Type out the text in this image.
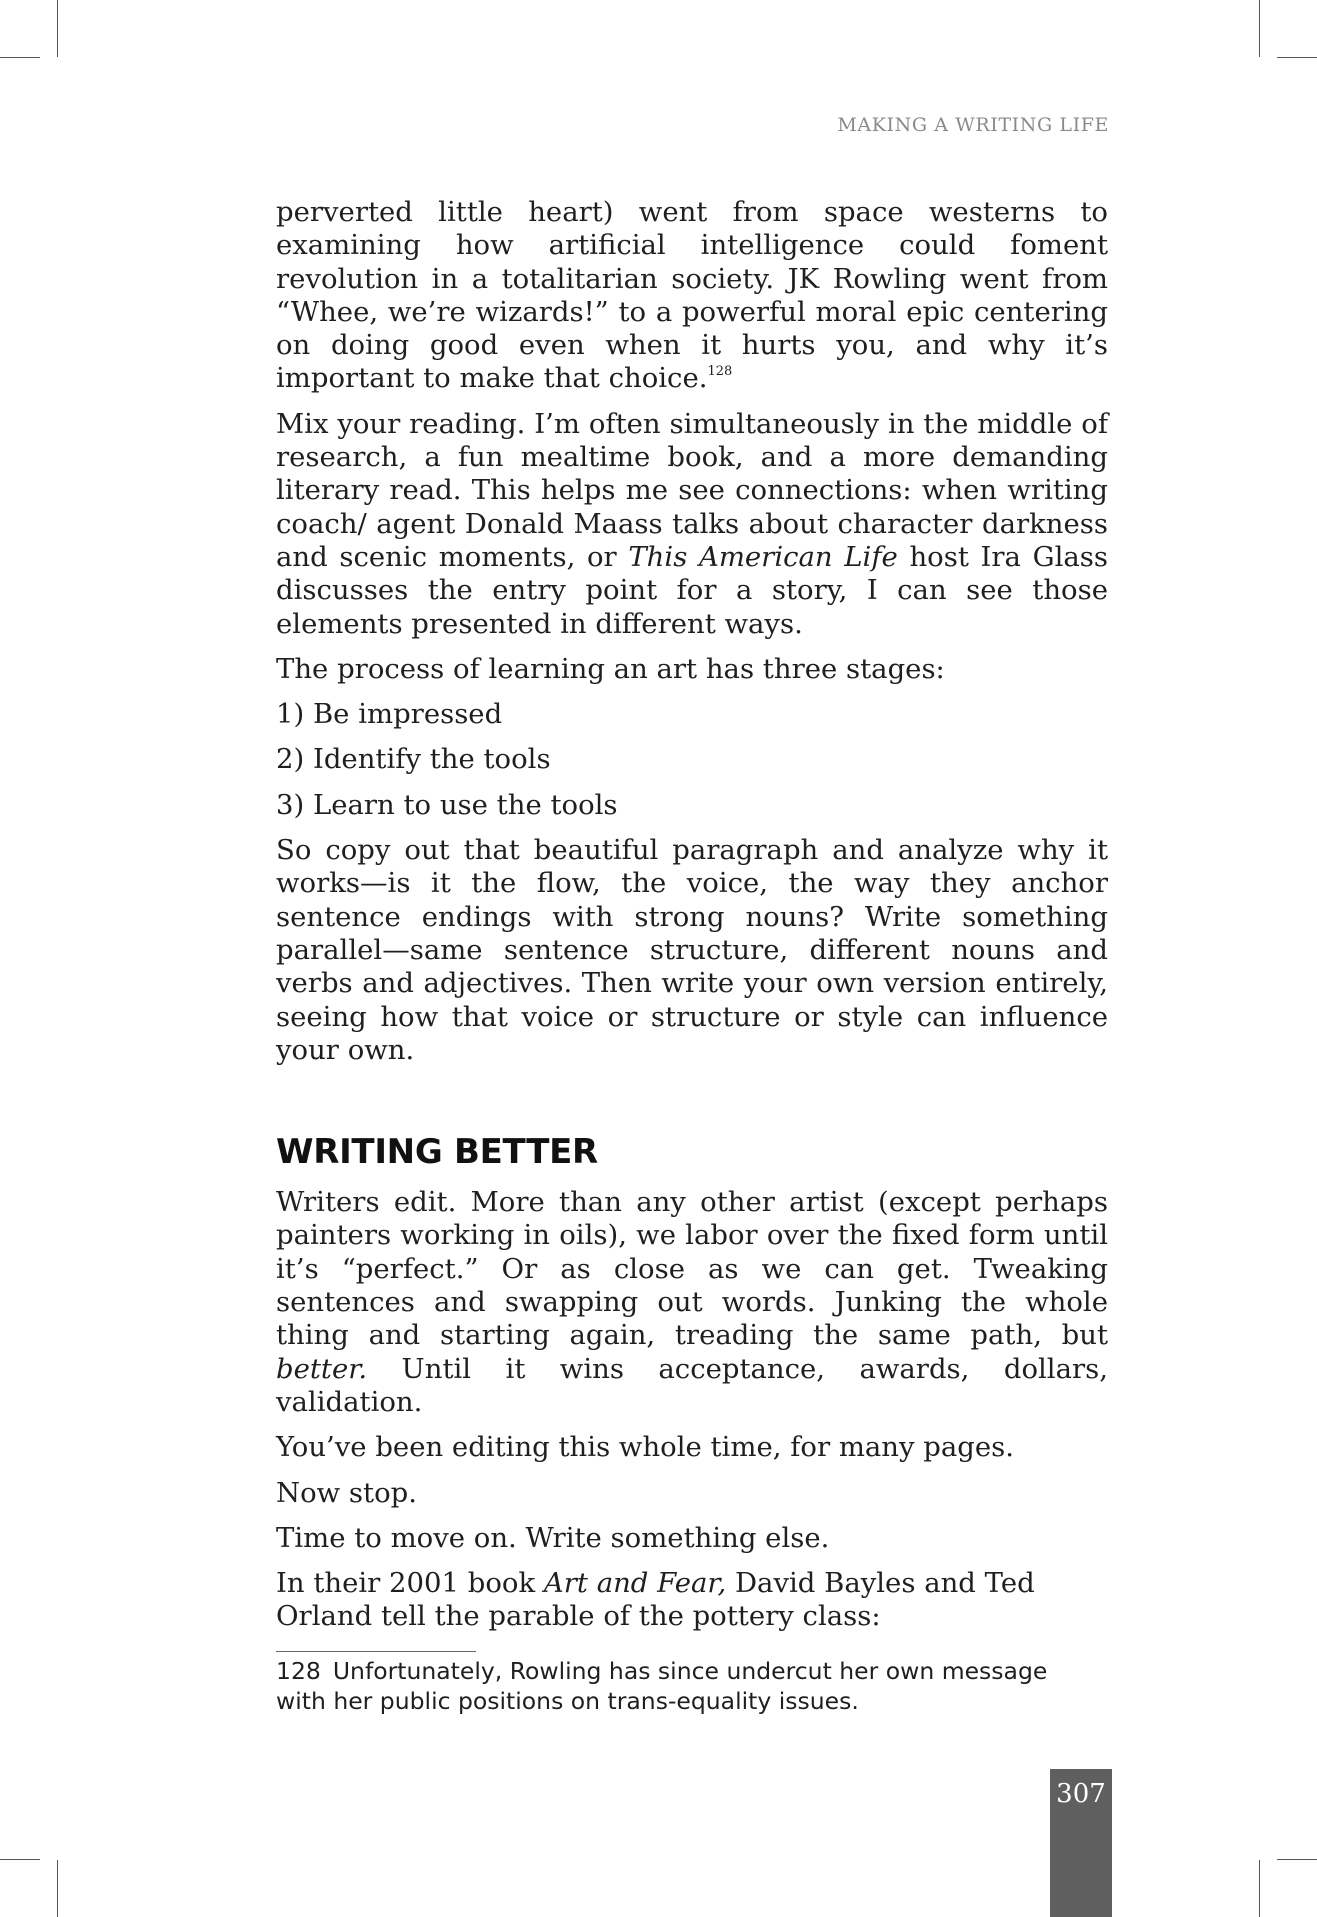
MAKING A WRITING LIFE

perverted little heart) went from space westerns to examining how artificial intelligence could foment revolution in a totalitarian society. JK Rowling went from “Whee, we’re wizards!” to a powerful moral epic centering on doing good even when it hurts you, and why it’s important to make that choice.$^{128}$

Mix your reading. I’m often simultaneously in the middle of research, a fun mealtime book, and a more demanding literary read. This helps me see connections: when writing coach/ agent Donald Maass talks about character darkness and scenic moments, or This American Life host Ira Glass discusses the entry point for a story, I can see those elements presented in different ways.

The process of learning an art has three stages:

1) Be impressed

2) Identify the tools

3) Learn to use the tools

So copy out that beautiful paragraph and analyze why it works—is it the flow, the voice, the way they anchor sentence endings with strong nouns? Write something parallel—same sentence structure, different nouns and verbs and adjectives. Then write your own version entirely, seeing how that voice or structure or style can influence your own.

WRITING BETTER

Writers edit. More than any other artist (except perhaps painters working in oils), we labor over the fixed form until it’s “perfect.” Or as close as we can get. Tweaking sentences and swapping out words. Junking the whole thing and starting again, treading the same path, but better. Until it wins acceptance, awards, dollars, validation.

You’ve been editing this whole time, for many pages.

Now stop.

Time to move on. Write something else.

In their 2001 book Art and Fear, David Bayles and Ted Orland tell the parable of the pottery class:

128 Unfortunately, Rowling has since undercut her own message with her public positions on trans-equality issues.
307
